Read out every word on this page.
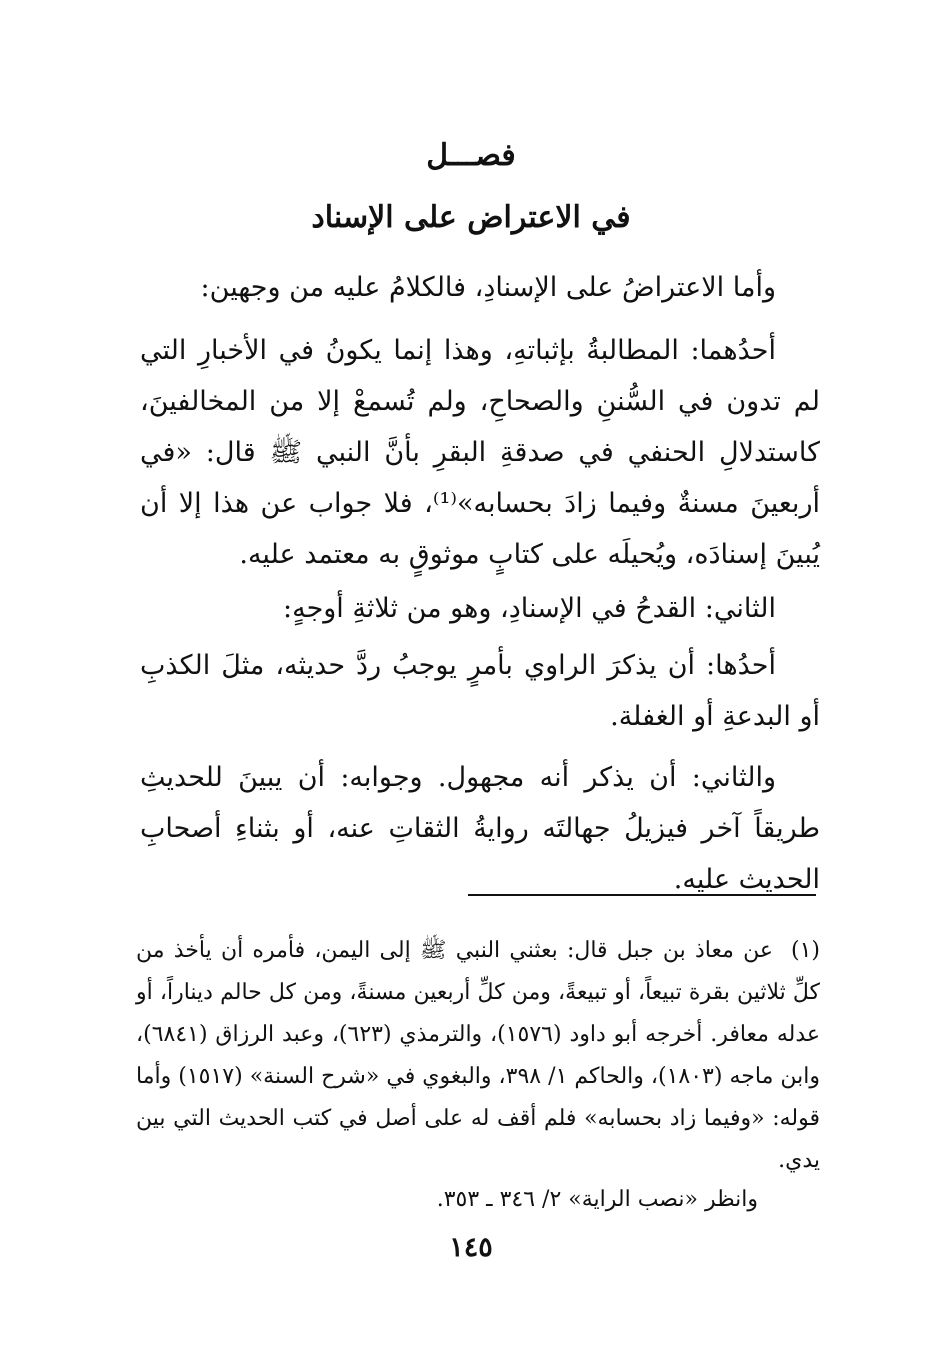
فصـــل
في الاعتراض على الإسناد

وأما الاعتراضُ على الإسنادِ، فالكلامُ عليه من وجهين:

أحدُهما: المطالبةُ بإثباتهِ، وهذا إنما يكونُ في الأخبارِ التي لم تدون في السُّننِ والصحاحِ، ولم تُسمعْ إلا من المخالفينَ، كاستدلالِ الحنفي في صدقةِ البقرِ بأنَّ النبي ﷺ قال: «في أربعينَ مسنةٌ وفيما زادَ بحسابه»⁽¹⁾، فلا جواب عن هذا إلا أن يُبينَ إسنادَه، ويُحيلَه على كتابٍ موثوقٍ به معتمد عليه.

الثاني: القدحُ في الإسنادِ، وهو من ثلاثةِ أوجهٍ:

أحدُها: أن يذكرَ الراوي بأمرٍ يوجبُ ردَّ حديثه، مثلَ الكذبِ أو البدعةِ أو الغفلة.

والثاني: أن يذكر أنه مجهول. وجوابه: أن يبينَ للحديثِ طريقاً آخر فيزيلُ جهالتَه روايةُ الثقاتِ عنه، أو بثناءِ أصحابِ الحديث عليه.

(١)عن معاذ بن جبل قال: بعثني النبي ﷺ إلى اليمن، فأمره أن يأخذ من كلِّ ثلاثين بقرة تبيعاً، أو تبيعةً، ومن كلِّ أربعين مسنةً، ومن كل حالم ديناراً، أو عدله معافر. أخرجه أبو داود (١٥٧٦)، والترمذي (٦٢٣)، وعبد الرزاق (٦٨٤١)، وابن ماجه (١٨٠٣)، والحاكم ١/ ٣٩٨، والبغوي في «شرح السنة» (١٥١٧) وأما قوله: «وفيما زاد بحسابه» فلم أقف له على أصل في كتب الحديث التي بين يدي.

وانظر «نصب الراية» ٢/ ٣٤٦ ـ ٣٥٣.

١٤٥
